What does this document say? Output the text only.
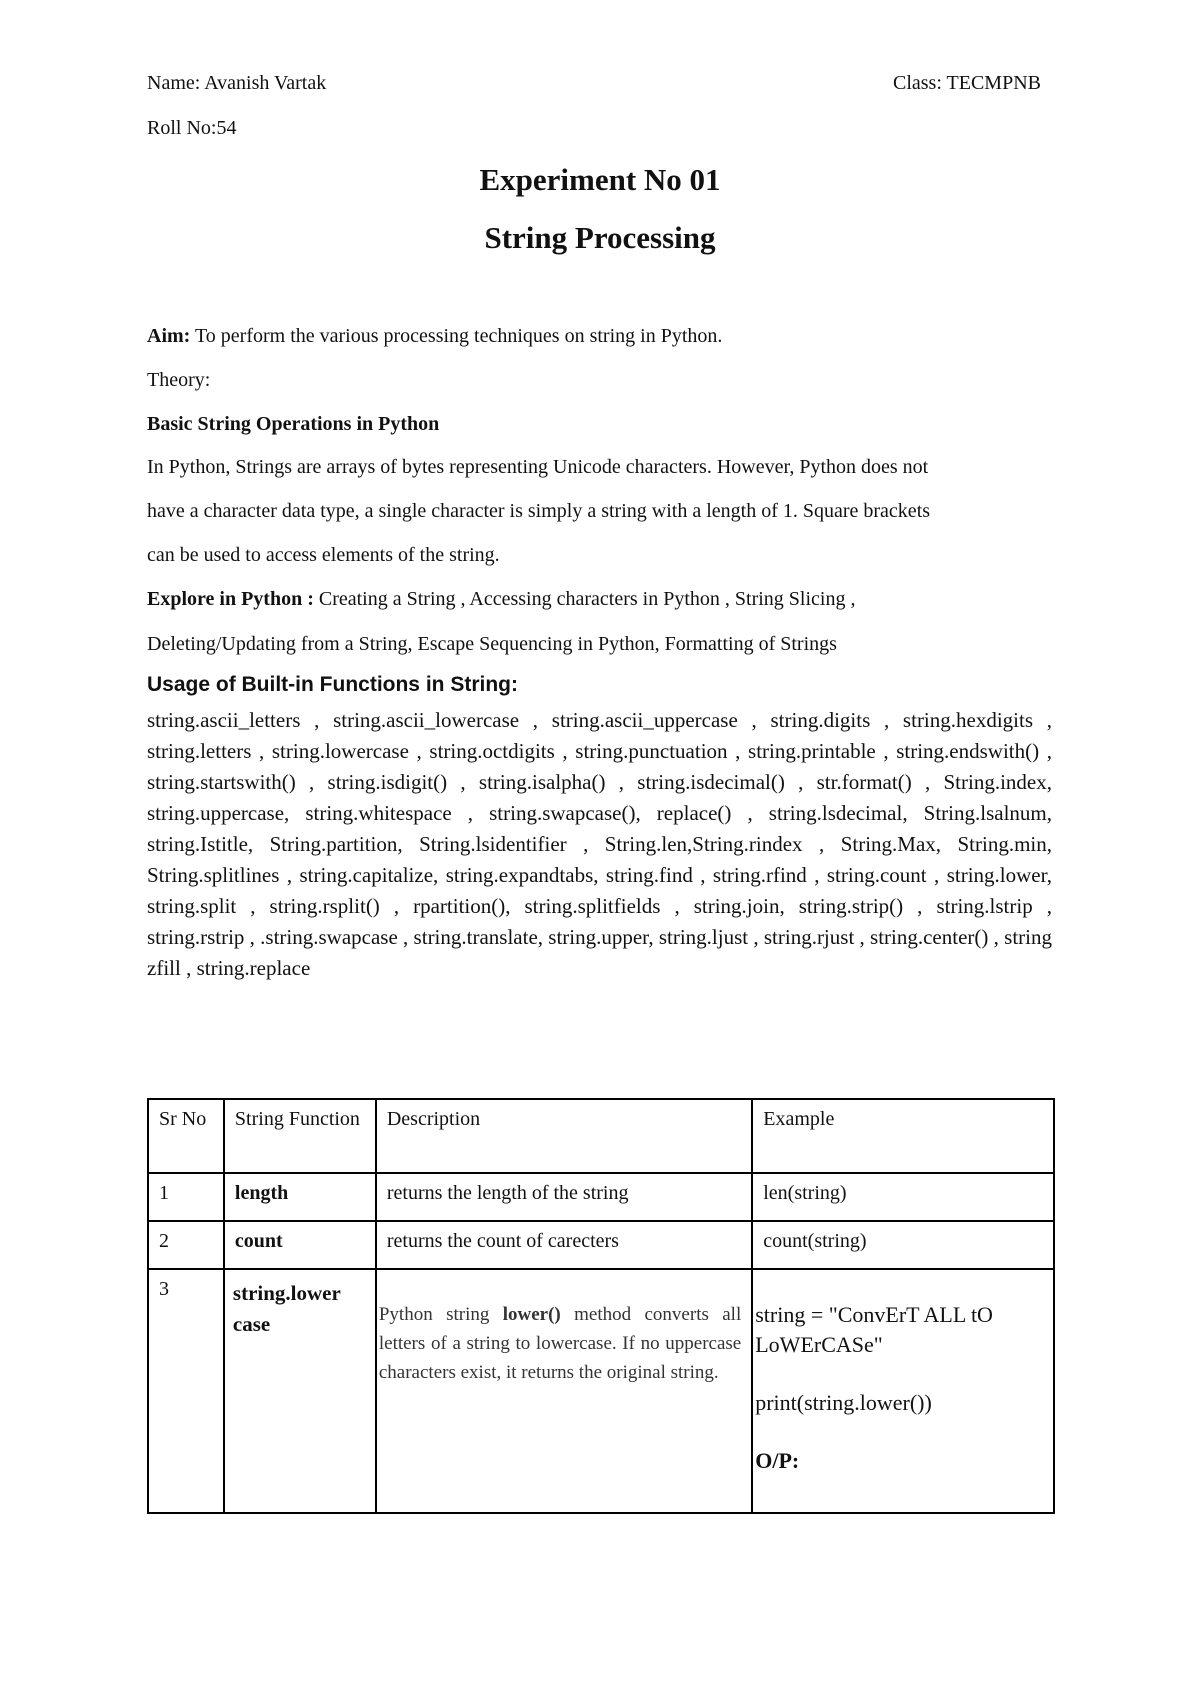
Name: Avanish Vartak	Class: TECMPNB
Roll No:54
Experiment No 01
String Processing
Aim: To perform the various processing techniques on string in Python.
Theory:
Basic String Operations in Python
In Python, Strings are arrays of bytes representing Unicode characters. However, Python does not
have a character data type, a single character is simply a string with a length of 1. Square brackets
can be used to access elements of the string.
Explore in Python : Creating a String , Accessing characters in Python , String Slicing ,
Deleting/Updating from a String, Escape Sequencing in Python, Formatting of Strings
Usage of Built-in Functions in String:
string.ascii_letters , string.ascii_lowercase , string.ascii_uppercase , string.digits , string.hexdigits , string.letters , string.lowercase , string.octdigits , string.punctuation , string.printable , string.endswith() , string.startswith() , string.isdigit() , string.isalpha() , string.isdecimal() , str.format() , String.index, string.uppercase, string.whitespace , string.swapcase(), replace() , string.lsdecimal, String.lsalnum, string.Istitle, String.partition, String.lsidentifier , String.len,String.rindex , String.Max, String.min, String.splitlines , string.capitalize, string.expandtabs, string.find , string.rfind , string.count , string.lower, string.split , string.rsplit() , rpartition(), string.splitfields , string.join, string.strip() , string.lstrip , string.rstrip , .string.swapcase , string.translate, string.upper, string.ljust , string.rjust , string.center() , string zfill , string.replace
Sr No	String Function	Description	Example
1	length	returns the length of the string	len(string)
2	count	returns the count of carecters	count(string)
3	string.lower case	Python string lower() method converts all letters of a string to lowercase. If no uppercase characters exist, it returns the original string.	string = "ConvErT ALL tO LoWErCASe"

print(string.lower())

O/P:
